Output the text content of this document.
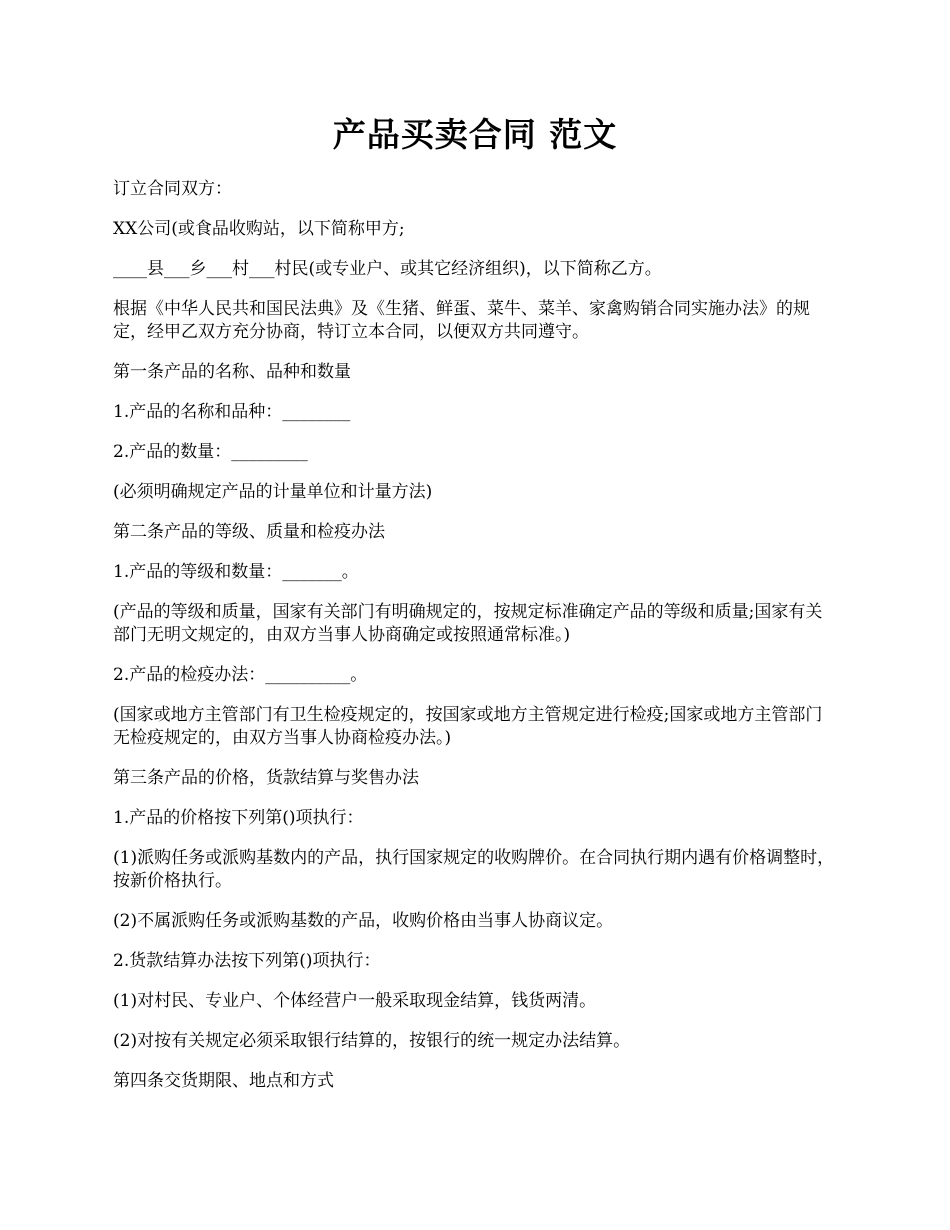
产品买卖合同 范文

订立合同双方：

XX公司(或食品收购站，以下简称甲方;

____县___乡___村___村民(或专业户、或其它经济组织)，以下简称乙方。

根据《中华人民共和国民法典》及《生猪、鲜蛋、菜牛、菜羊、家禽购销合同实施办法》的规定，经甲乙双方充分协商，特订立本合同，以便双方共同遵守。

第一条产品的名称、品种和数量

1.产品的名称和品种：________

2.产品的数量：_________

(必须明确规定产品的计量单位和计量方法)

第二条产品的等级、质量和检疫办法

1.产品的等级和数量：_______。

(产品的等级和质量，国家有关部门有明确规定的，按规定标准确定产品的等级和质量;国家有关部门无明文规定的，由双方当事人协商确定或按照通常标准。)

2.产品的检疫办法：__________。

(国家或地方主管部门有卫生检疫规定的，按国家或地方主管规定进行检疫;国家或地方主管部门无检疫规定的，由双方当事人协商检疫办法。)

第三条产品的价格，货款结算与奖售办法

1.产品的价格按下列第()项执行：

(1)派购任务或派购基数内的产品，执行国家规定的收购牌价。在合同执行期内遇有价格调整时，按新价格执行。

(2)不属派购任务或派购基数的产品，收购价格由当事人协商议定。

2.货款结算办法按下列第()项执行：

(1)对村民、专业户、个体经营户一般采取现金结算，钱货两清。

(2)对按有关规定必须采取银行结算的，按银行的统一规定办法结算。

第四条交货期限、地点和方式
